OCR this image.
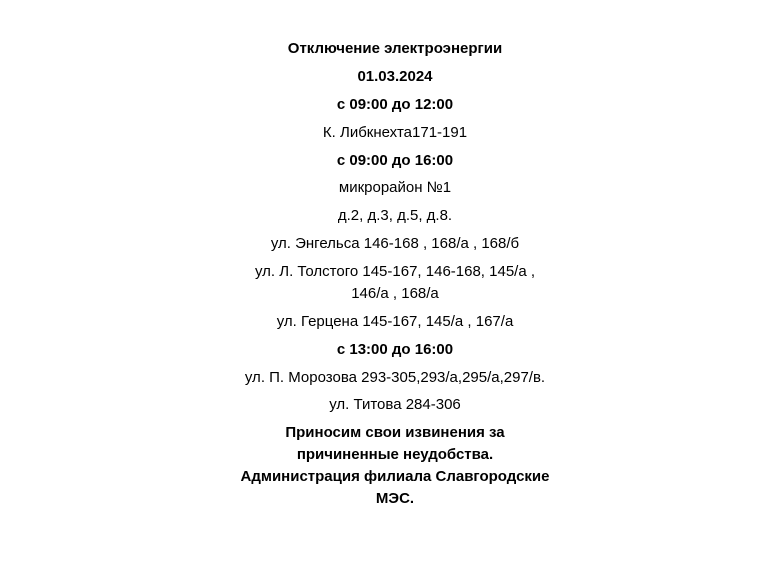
Отключение электроэнергии
01.03.2024
с 09:00 до 12:00
К. Либкнехта171-191
с 09:00 до 16:00
микрорайон №1
д.2, д.3, д.5, д.8.
ул. Энгельса 146-168 , 168/а , 168/б
ул. Л. Толстого 145-167, 146-168, 145/а ,
146/а , 168/а
ул. Герцена 145-167, 145/а , 167/а
с 13:00 до 16:00
ул. П. Морозова 293-305,293/а,295/а,297/в.
ул. Титова 284-306
Приносим свои извинения за
причиненные неудобства.
Администрация филиала Славгородские
МЭС.
